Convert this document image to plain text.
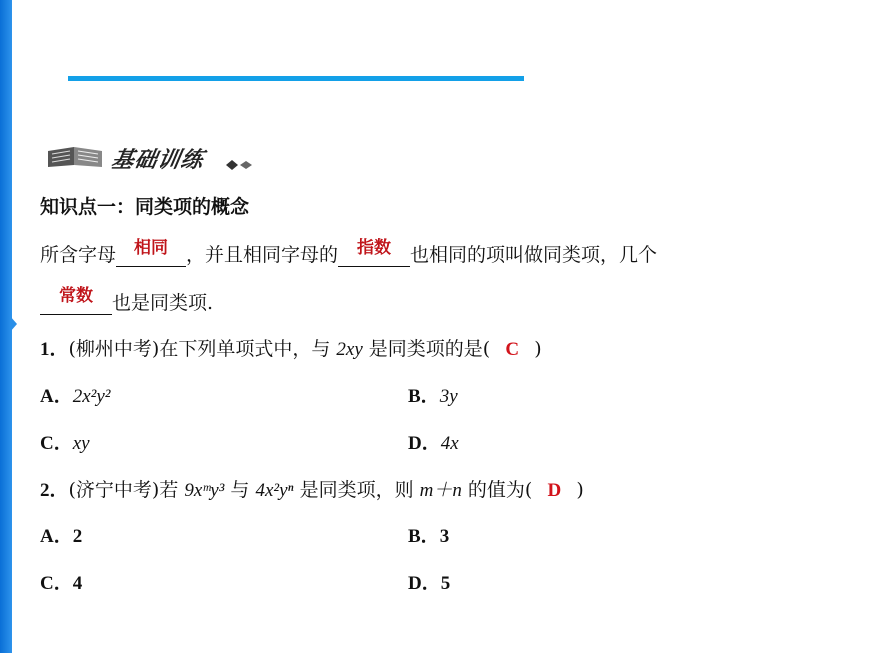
基础训练
知识点一：同类项的概念
所含字母	相同 ，并且相同字母的	指数	也相同的项叫做同类项，几个
常数	也是同类项.
1．(柳州中考)在下列单项式中，与 2xy 是同类项的是( C )
A．2x²y²	B．3y
C．xy	D．4x
2．(济宁中考)若 9xᵐy³ 与 4x²yⁿ 是同类项，则 m＋n 的值为( D )
A．2	B．3
C．4	D．5
